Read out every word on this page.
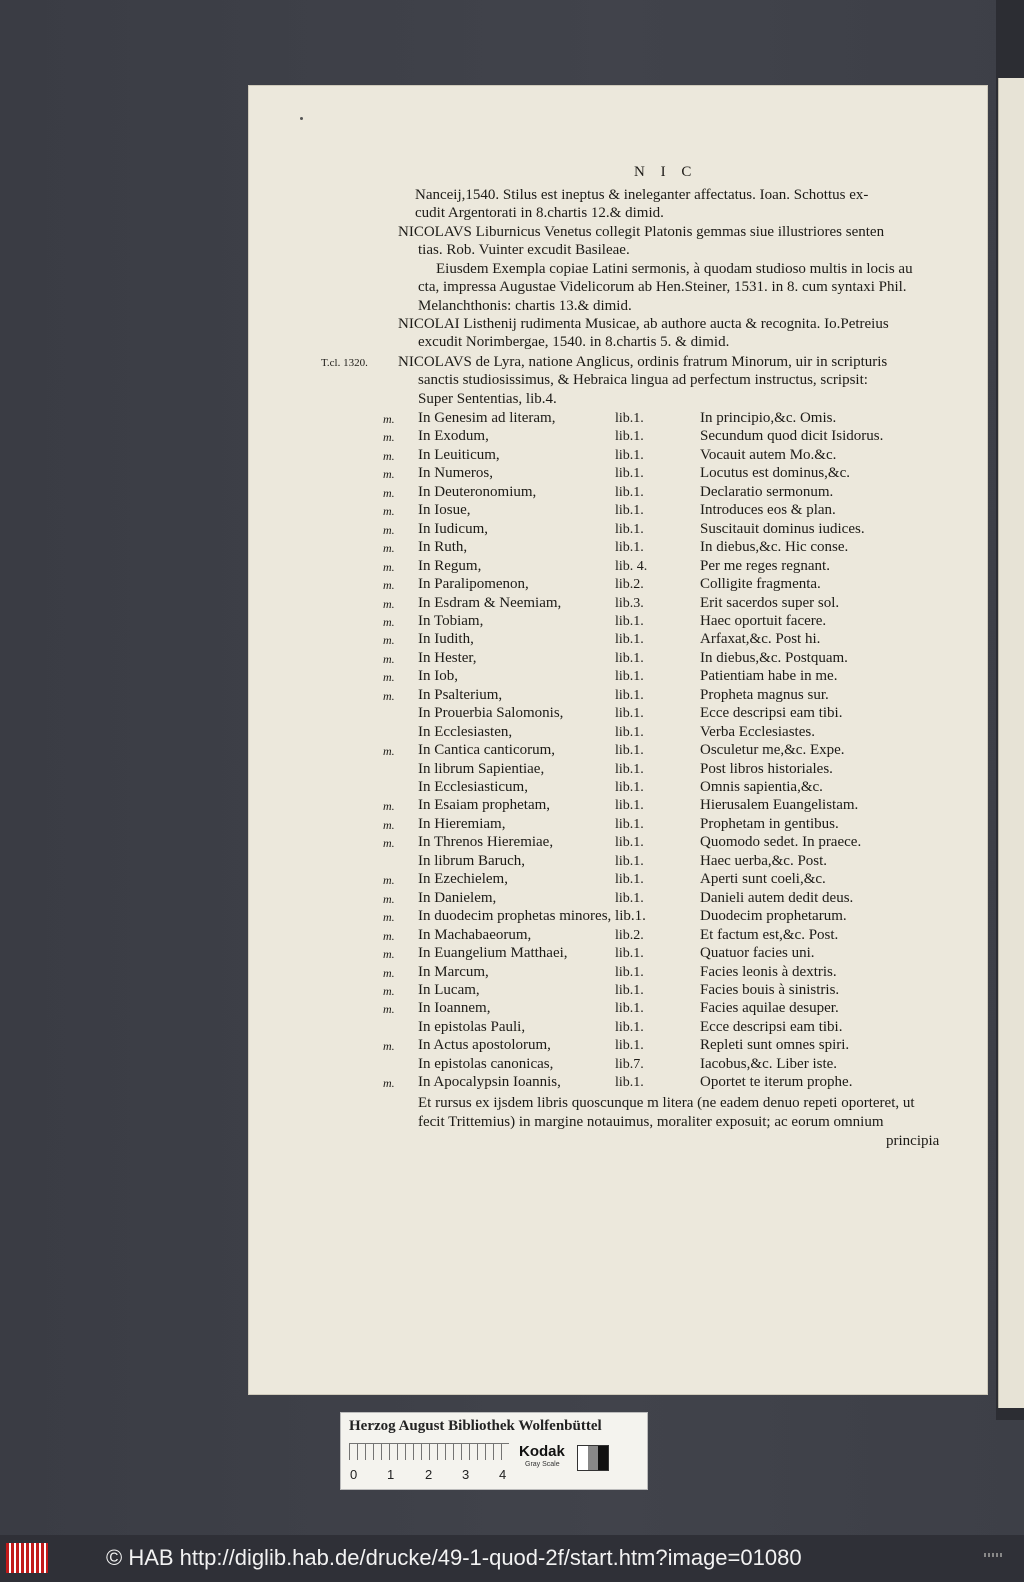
N I C
Nanceij,1540. Stilus est ineptus & ineleganter affectatus. Ioan. Schottus ex-
cudit Argentorati in 8.chartis 12.& dimid.
NICOLAVS Liburnicus Venetus collegit Platonis gemmas siue illustriores senten
tias. Rob. Vuinter excudit Basileae.
Eiusdem Exempla copiae Latini sermonis, à quodam studioso multis in locis au
cta, impressa Augustae Videlicorum ab Hen.Steiner, 1531. in 8. cum syntaxi Phil.
Melanchthonis: chartis 13.& dimid.
NICOLAI Listhenij rudimenta Musicae, ab authore aucta & recognita. Io.Petreius
excudit Norimbergae, 1540. in 8.chartis 5. & dimid.
NICOLAVS de Lyra, natione Anglicus, ordinis fratrum Minorum, uir in scripturis
sanctis studiosissimus, & Hebraica lingua ad perfectum instructus, scripsit:
Super Sententias, lib.4.
T.cl. 1320.
m. In Genesim ad literam,	lib.1.	In principio,&c. Omis.
m. In Exodum,	lib.1.	Secundum quod dicit Isidorus.
m. In Leuiticum,	lib.1.	Vocauit autem Mo.&c.
m. In Numeros,	lib.1.	Locutus est dominus,&c.
m. In Deuteronomium,	lib.1.	Declaratio sermonum.
m. In Iosue,	lib.1.	Introduces eos & plan.
m. In Iudicum,	lib.1.	Suscitauit dominus iudices.
m. In Ruth,	lib.1.	In diebus,&c. Hic conse.
m. In Regum,	lib. 4.	Per me reges regnant.
m. In Paralipomenon,	lib.2.	Colligite fragmenta.
m. In Esdram & Neemiam,	lib.3.	Erit sacerdos super sol.
m. In Tobiam,	lib.1.	Haec oportuit facere.
m. In Iudith,	lib.1.	Arfaxat,&c. Post hi.
m. In Hester,	lib.1.	In diebus,&c. Postquam.
m. In Iob,	lib.1.	Patientiam habe in me.
m. In Psalterium,	lib.1.	Propheta magnus sur.
In Prouerbia Salomonis,	lib.1.	Ecce descripsi eam tibi.
In Ecclesiasten,	lib.1.	Verba Ecclesiastes.
m. In Cantica canticorum,	lib.1.	Osculetur me,&c. Expe.
In librum Sapientiae,	lib.1.	Post libros historiales.
In Ecclesiasticum,	lib.1.	Omnis sapientia,&c.
m. In Esaiam prophetam,	lib.1.	Hierusalem Euangelistam.
m. In Hieremiam,	lib.1.	Prophetam in gentibus.
m. In Threnos Hieremiae,	lib.1.	Quomodo sedet. In praece.
In librum Baruch,	lib.1.	Haec uerba,&c. Post.
m. In Ezechielem,	lib.1.	Aperti sunt coeli,&c.
m. In Danielem,	lib.1.	Danieli autem dedit deus.
m. In duodecim prophetas minores, lib.1.	Duodecim prophetarum.
m. In Machabaeorum,	lib.2.	Et factum est,&c. Post.
m. In Euangelium Matthaei,	lib.1.	Quatuor facies uni.
m. In Marcum,	lib.1.	Facies leonis à dextris.
m. In Lucam,	lib.1.	Facies bouis à sinistris.
m. In Ioannem,	lib.1.	Facies aquilae desuper.
In epistolas Pauli,	lib.1.	Ecce descripsi eam tibi.
m. In Actus apostolorum,	lib.1.	Repleti sunt omnes spiri.
In epistolas canonicas,	lib.7.	Iacobus,&c. Liber iste.
m. In Apocalypsin Ioannis,	lib.1.	Oportet te iterum prophe.
Et rursus ex ijsdem libris quoscunque m litera (ne eadem denuo repeti oporteret, ut
fecit Trittemius) in margine notauimus, moraliter exposuit; ac eorum omnium
principia
Herzog August Bibliothek Wolfenbüttel
0 1 2 3 4
Kodak
Gray Scale
© HAB http://diglib.hab.de/drucke/49-1-quod-2f/start.htm?image=01080
